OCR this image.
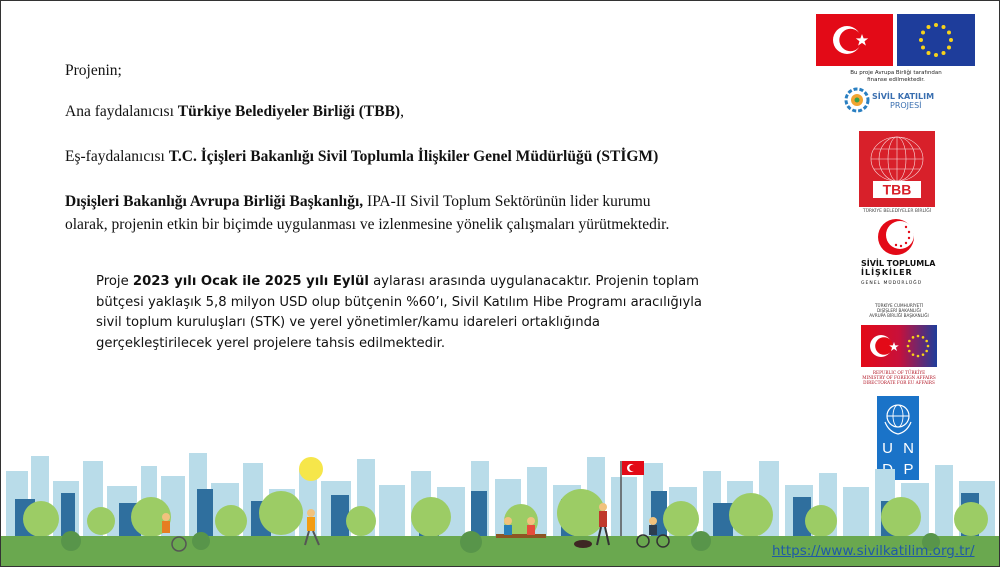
Projenin;

Ana faydalanıcısı Türkiye Belediyeler Birliği (TBB),

Eş-faydalanıcısı T.C. İçişleri Bakanlığı Sivil Toplumla İlişkiler Genel Müdürlüğü (STİGM)

Dışişleri Bakanlığı Avrupa Birliği Başkanlığı, IPA-II Sivil Toplum Sektörünün lider kurumu
olarak, projenin etkin bir biçimde uygulanması ve izlenmesine yönelik çalışmaları yürütmektedir.

Proje 2023 yılı Ocak ile 2025 yılı Eylül aylarası arasında uygulanacaktır. Projenin toplam
bütçesi yaklaşık 5,8 milyon USD olup bütçenin %60’ı, Sivil Katılım Hibe Programı aracılığıyla
sivil toplum kuruluşları (STK) ve yerel yönetimler/kamu idareleri ortaklığında
gerçekleştirilecek yerel projelere tahsis edilmektedir.
Bu proje Avrupa Birliği tarafından
finanse edilmektedir.
SİVİL KATILIM
PROJESİ
TBB
TÜRKİYE BELEDİYELER BİRLİĞİ
SİVİL TOPLUMLA
İLİŞKİLER
GENEL MÜDÜRLÜĞÜ
TÜRKİYE CUMHURİYETİ
DIŞİŞLERİ BAKANLIĞI
AVRUPA BİRLİĞİ BAŞKANLIĞI
REPUBLIC OF TÜRKİYE
MINISTRY OF FOREIGN AFFAIRS
DIRECTORATE FOR EU AFFAIRS
U N
P
https://www.sivilkatilim.org.tr/
